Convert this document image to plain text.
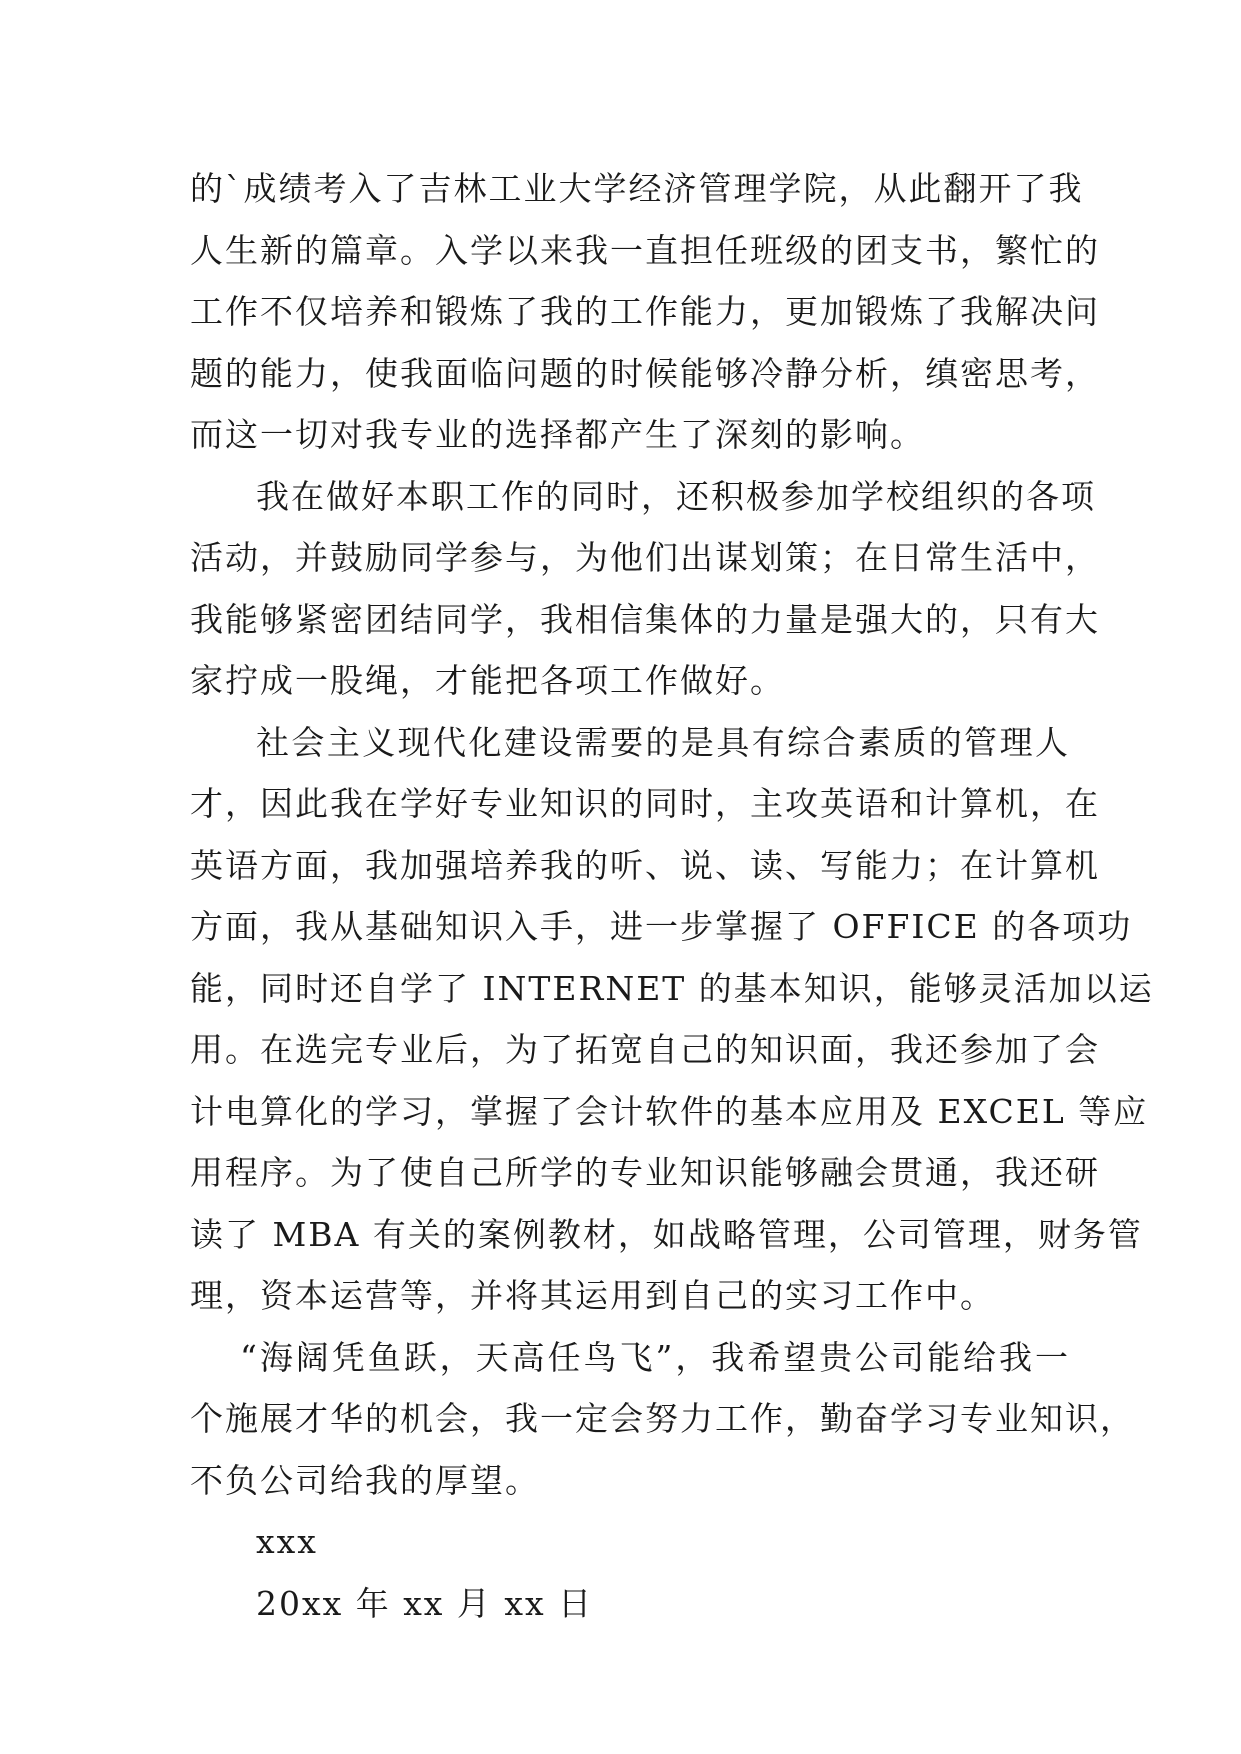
的`成绩考入了吉林工业大学经济管理学院，从此翻开了我
人生新的篇章。入学以来我一直担任班级的团支书，繁忙的
工作不仅培养和锻炼了我的工作能力，更加锻炼了我解决问
题的能力，使我面临问题的时候能够冷静分析，缜密思考，
而这一切对我专业的选择都产生了深刻的影响。
我在做好本职工作的同时，还积极参加学校组织的各项
活动，并鼓励同学参与，为他们出谋划策；在日常生活中，
我能够紧密团结同学，我相信集体的力量是强大的，只有大
家拧成一股绳，才能把各项工作做好。
社会主义现代化建设需要的是具有综合素质的管理人
才，因此我在学好专业知识的同时，主攻英语和计算机，在
英语方面，我加强培养我的听、说、读、写能力；在计算机
方面，我从基础知识入手，进一步掌握了 OFFICE 的各项功
能，同时还自学了 INTERNET 的基本知识，能够灵活加以运
用。在选完专业后，为了拓宽自己的知识面，我还参加了会
计电算化的学习，掌握了会计软件的基本应用及 EXCEL 等应
用程序。为了使自己所学的专业知识能够融会贯通，我还研
读了 MBA 有关的案例教材，如战略管理，公司管理，财务管
理，资本运营等，并将其运用到自己的实习工作中。
“海阔凭鱼跃，天高任鸟飞”，我希望贵公司能给我一
个施展才华的机会，我一定会努力工作，勤奋学习专业知识，
不负公司给我的厚望。

xxx

20xx 年 xx 月 xx 日
